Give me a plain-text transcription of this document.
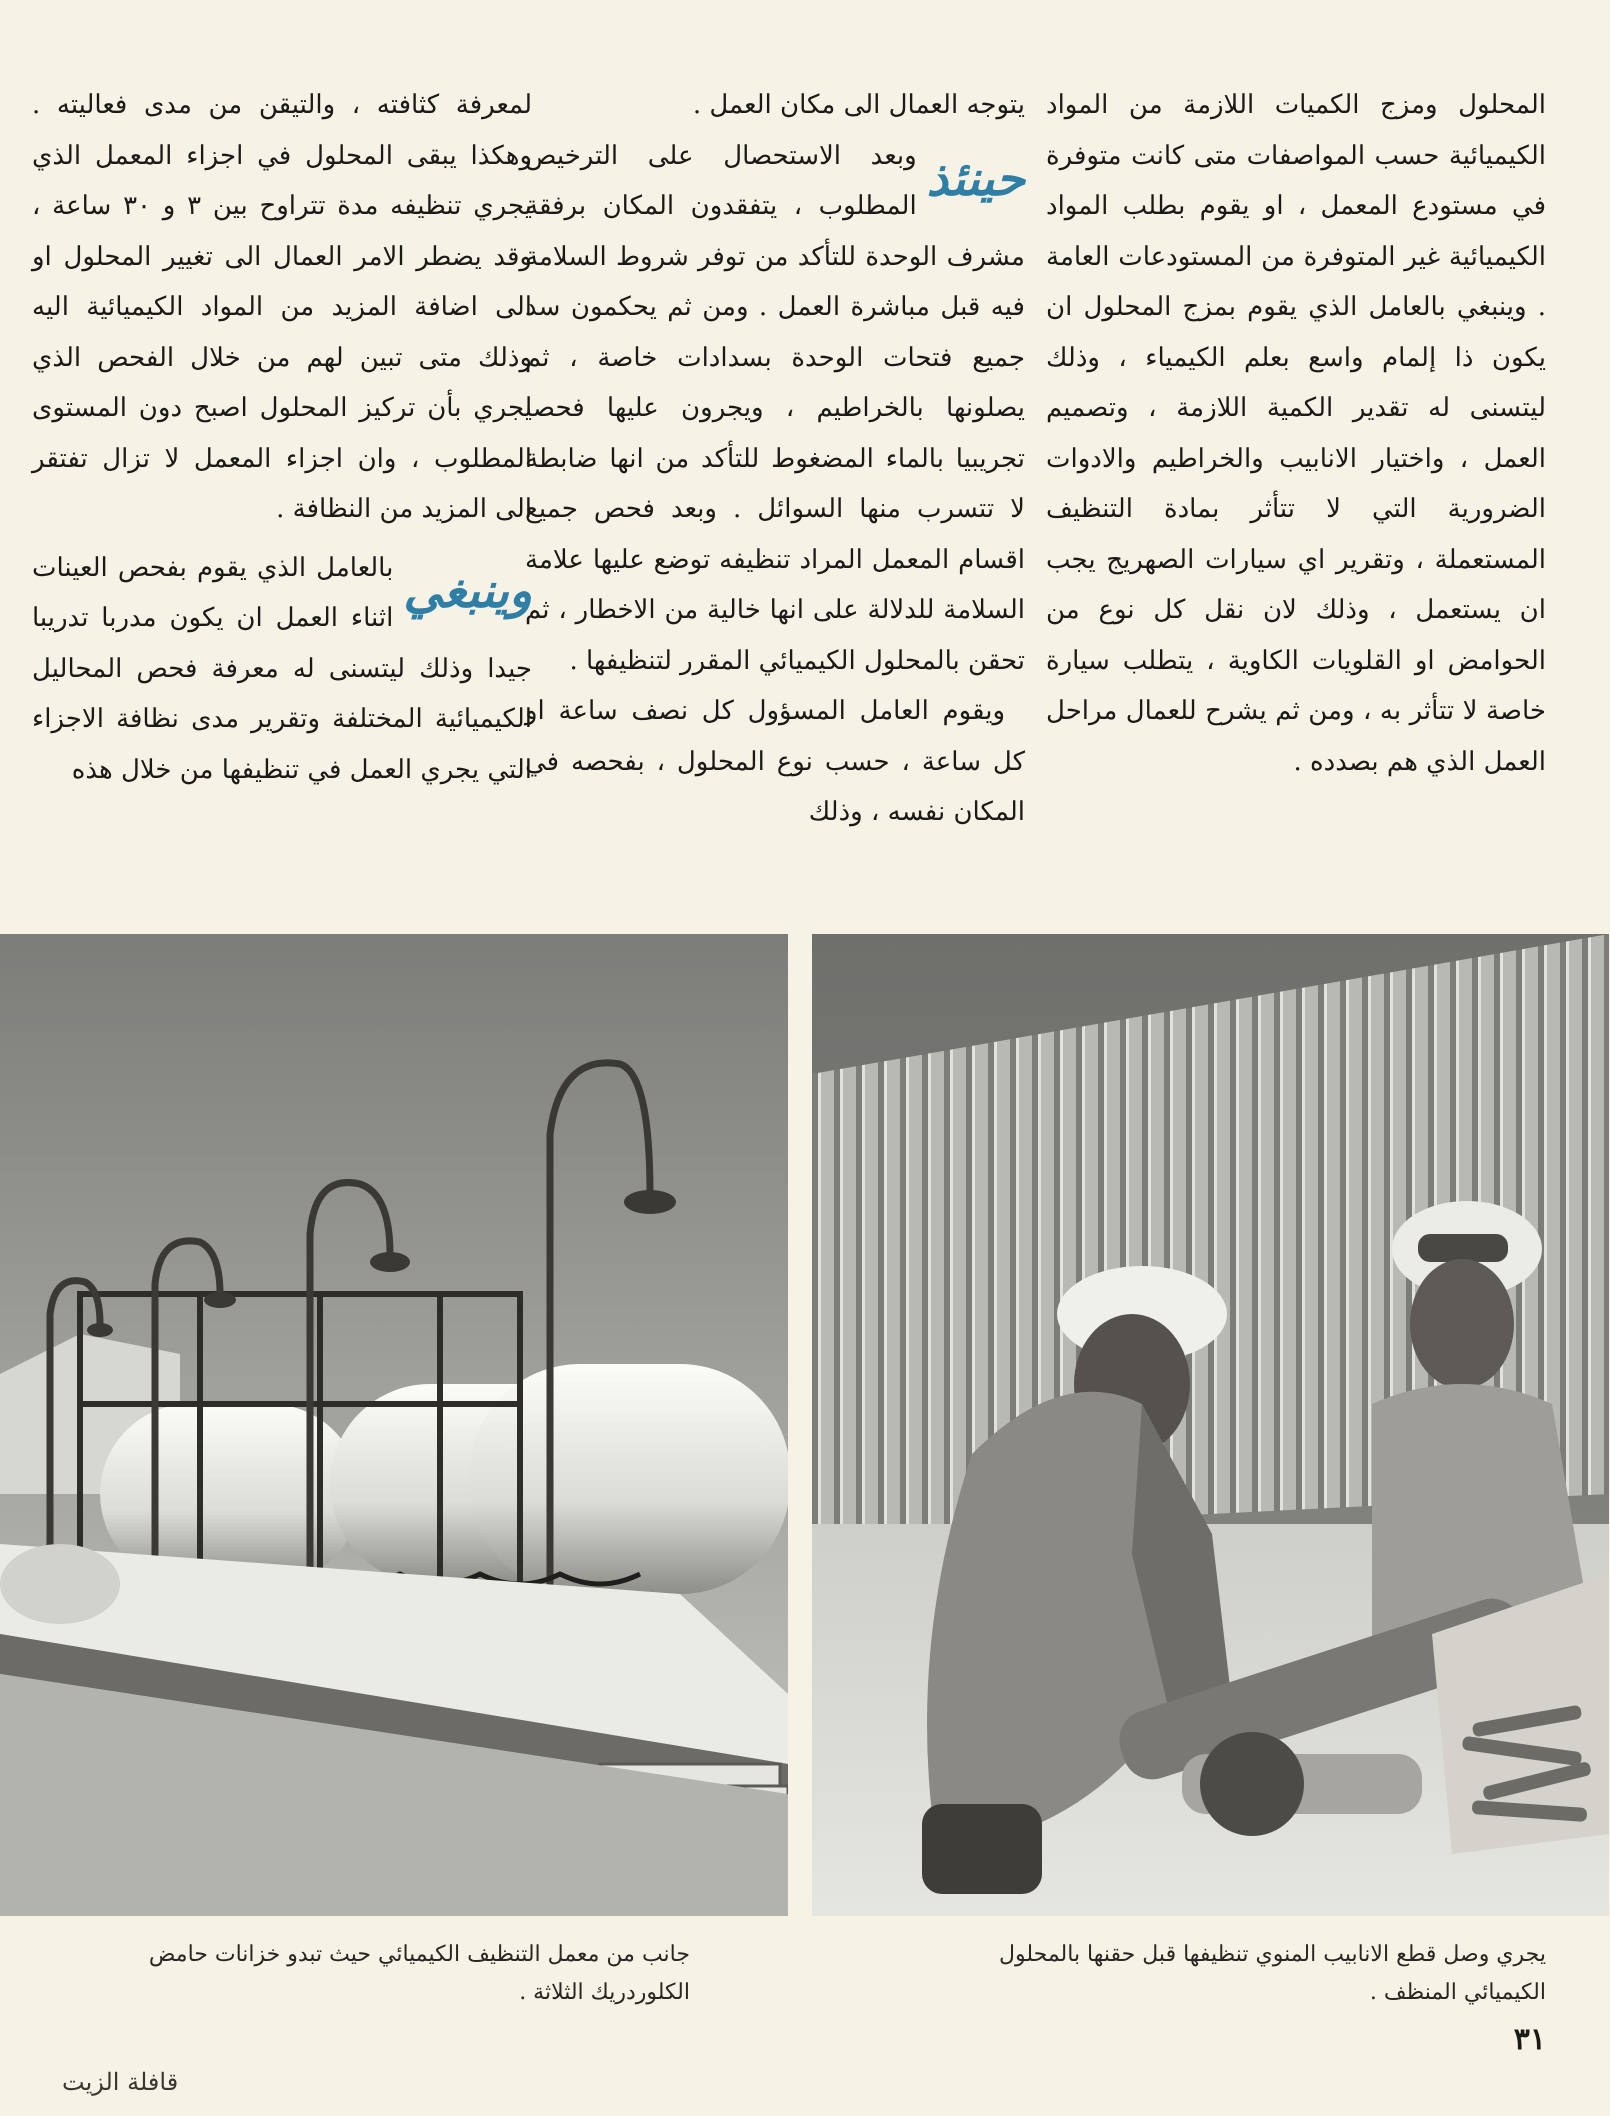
المحلول ومزج الكميات اللازمة من المواد الكيميائية حسب المواصفات متى كانت متوفرة في مستودع المعمل ، او يقوم بطلب المواد الكيميائية غير المتوفرة من المستودعات العامة . وينبغي بالعامل الذي يقوم بمزج المحلول ان يكون ذا إلمام واسع بعلم الكيمياء ، وذلك ليتسنى له تقدير الكمية اللازمة ، وتصميم العمل ، واختيار الانابيب والخراطيم والادوات الضرورية التي لا تتأثر بمادة التنظيف المستعملة ، وتقرير اي سيارات الصهريج يجب ان يستعمل ، وذلك لان نقل كل نوع من الحوامض او القلويات الكاوية ، يتطلب سيارة خاصة لا تتأثر به ، ومن ثم يشرح للعمال مراحل العمل الذي هم بصدده .

يتوجه العمال الى مكان العمل .

حينئذ
وبعد الاستحصال على الترخيص المطلوب ، يتفقدون المكان برفقة مشرف الوحدة للتأكد من توفر شروط السلامة فيه قبل مباشرة العمل . ومن ثم يحكمون سد جميع فتحات الوحدة بسدادات خاصة ، ثم يصلونها بالخراطيم ، ويجرون عليها فحصا تجريبيا بالماء المضغوط للتأكد من انها ضابطة لا تتسرب منها السوائل . وبعد فحص جميع اقسام المعمل المراد تنظيفه توضع عليها علامة السلامة للدلالة على انها خالية من الاخطار ، ثم تحقن بالمحلول الكيميائي المقرر لتنظيفها .

ويقوم العامل المسؤول كل نصف ساعة او كل ساعة ، حسب نوع المحلول ، بفحصه في المكان نفسه ، وذلك

لمعرفة كثافته ، والتيقن من مدى فعاليته . وهكذا يبقى المحلول في اجزاء المعمل الذي يجري تنظيفه مدة تتراوح بين ٣ و ٣٠ ساعة ، وقد يضطر الامر العمال الى تغيير المحلول او الى اضافة المزيد من المواد الكيميائية اليه وذلك متى تبين لهم من خلال الفحص الذي يجري بأن تركيز المحلول اصبح دون المستوى المطلوب ، وان اجزاء المعمل لا تزال تفتقر الى المزيد من النظافة .

وينبغي
بالعامل الذي يقوم بفحص العينات اثناء العمل ان يكون مدربا تدريبا جيدا وذلك ليتسنى له معرفة فحص المحاليل الكيميائية المختلفة وتقرير مدى نظافة الاجزاء التي يجري العمل في تنظيفها من خلال هذه

يجري وصل قطع الانابيب المنوي تنظيفها قبل حقنها بالمحلول الكيميائي المنظف .

جانب من معمل التنظيف الكيميائي حيث تبدو خزانات حامض الكلوردريك الثلاثة .

٣١
قافلة الزيت
